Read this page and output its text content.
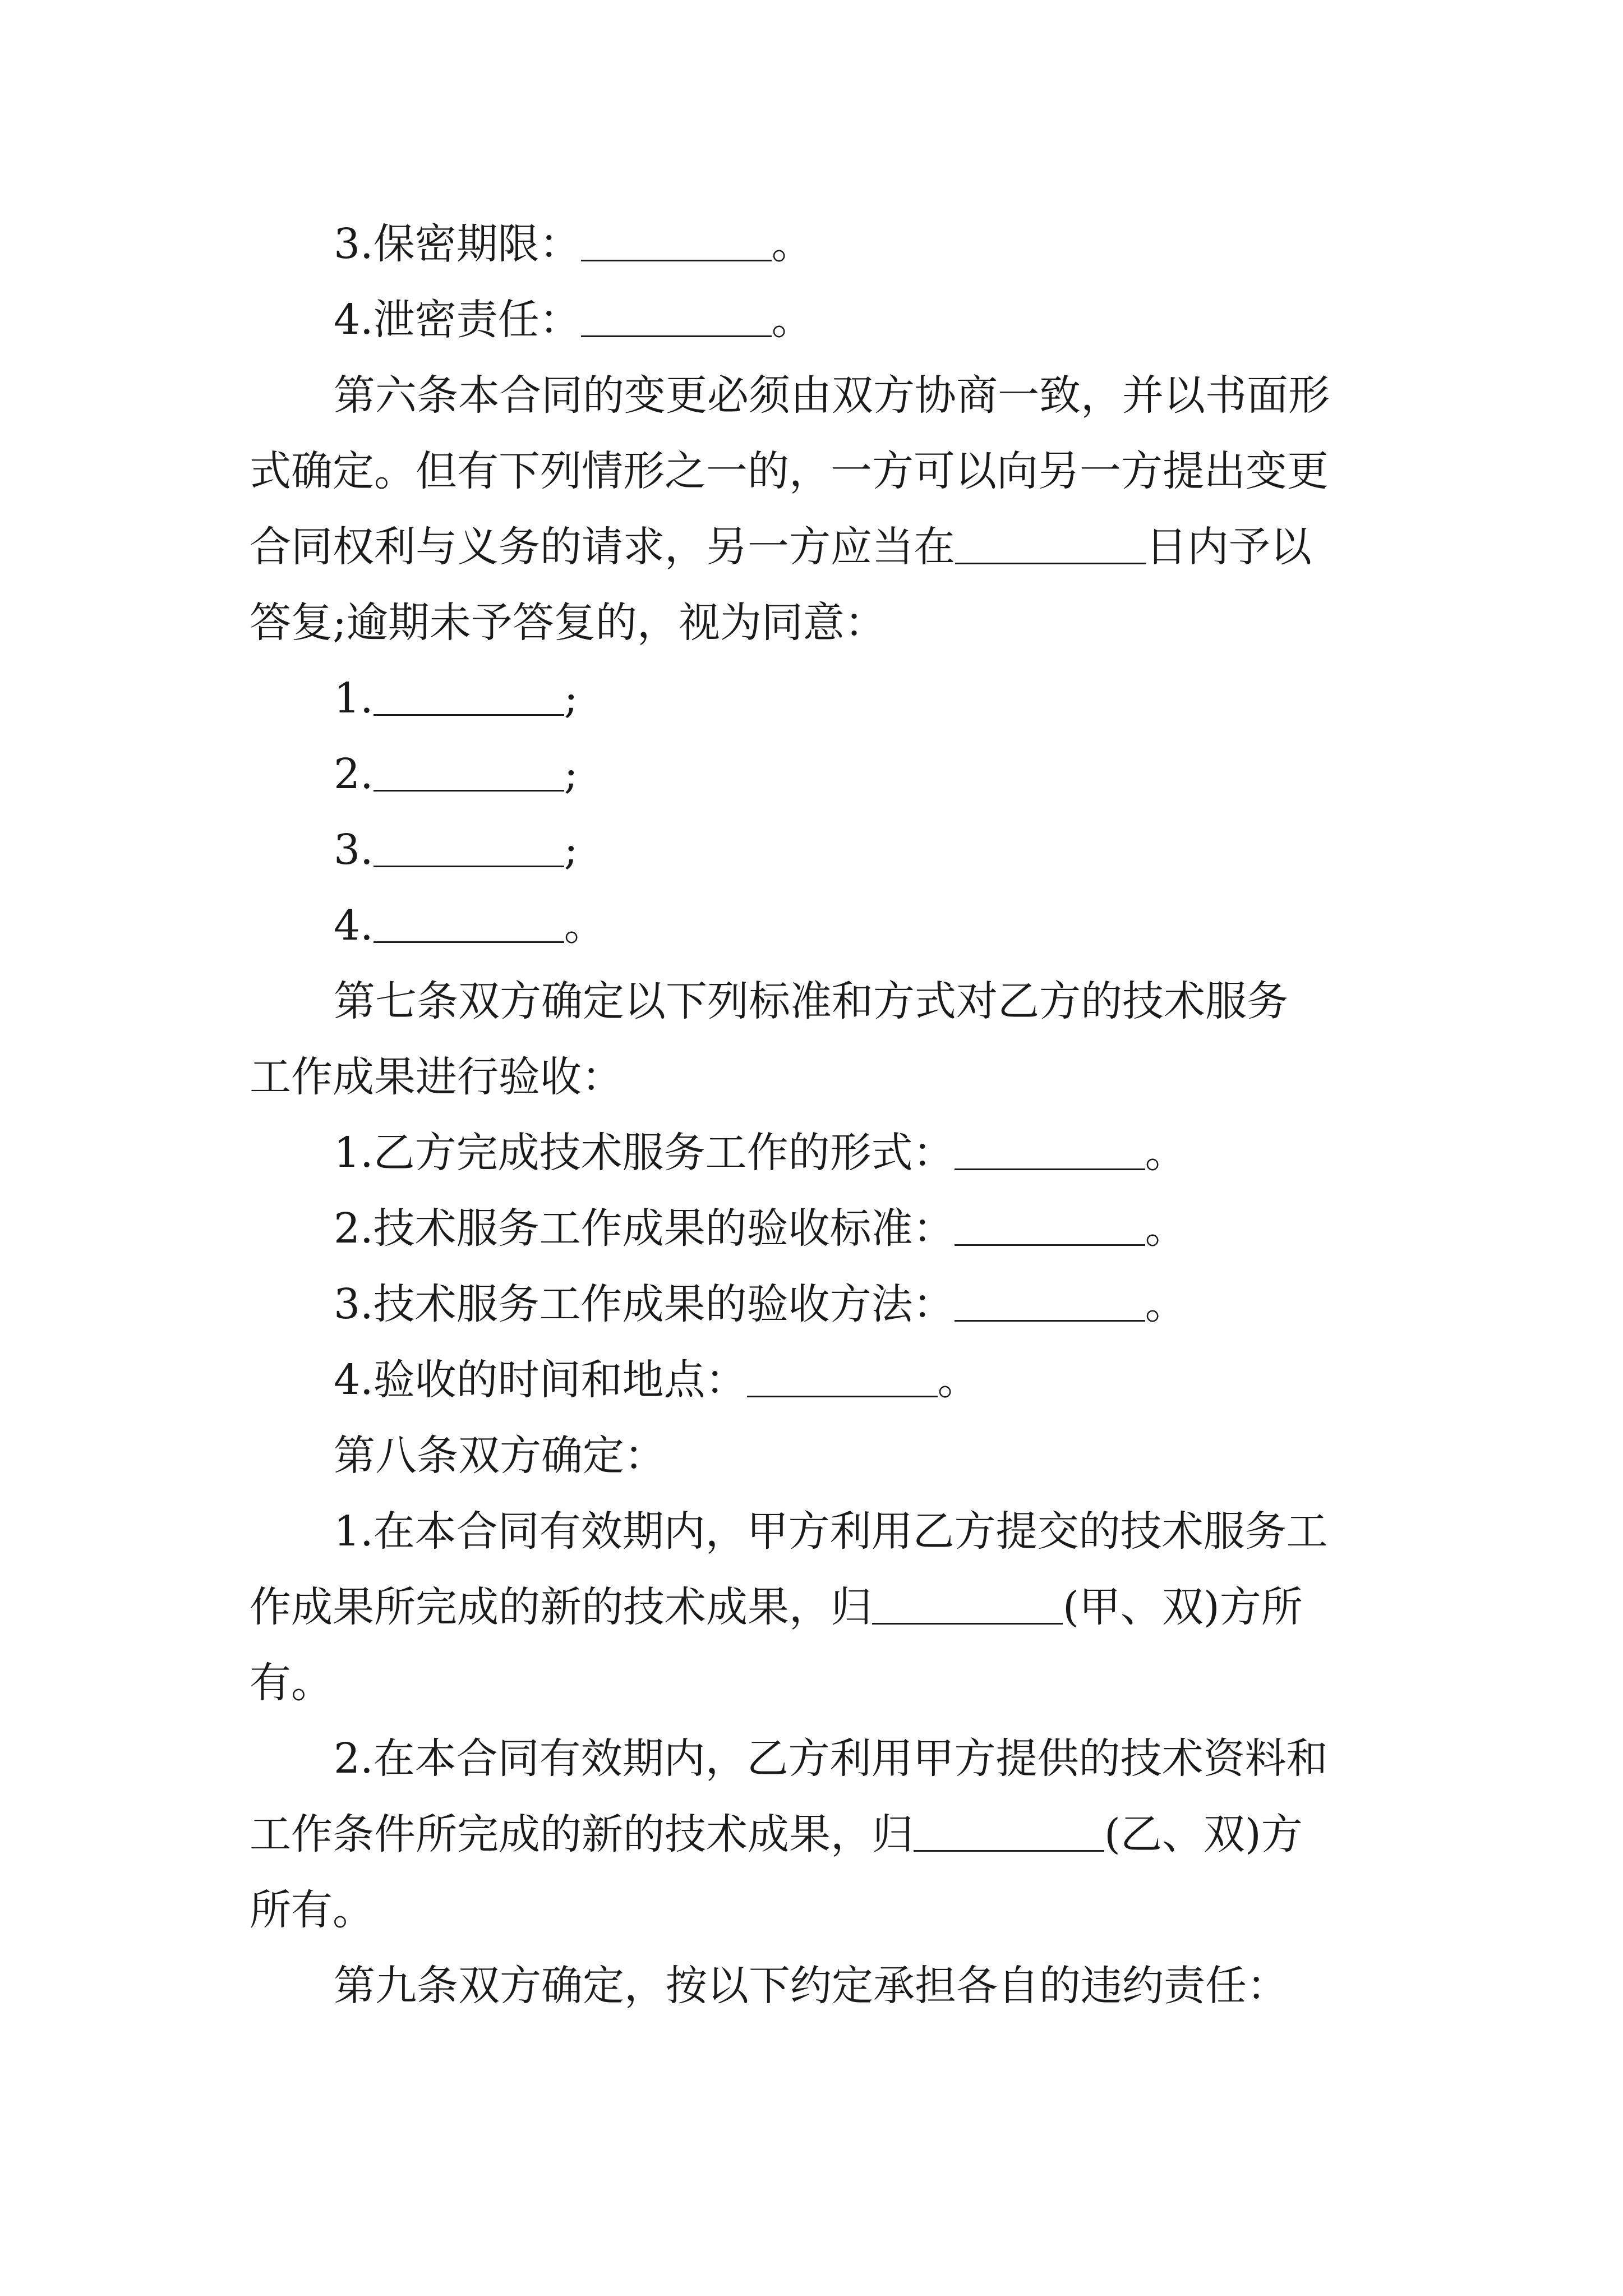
3.保密期限：	。
4.泄密责任：	。
第六条本合同的变更必须由双方协商一致，并以书面形
式确定。但有下列情形之一的，一方可以向另一方提出变更
合同权利与义务的请求，另一方应当在	日内予以
答复;逾期未予答复的，视为同意：
1.	;
2.	;
3.	;
4.	。
第七条双方确定以下列标准和方式对乙方的技术服务
工作成果进行验收：
1.乙方完成技术服务工作的形式：	。
2.技术服务工作成果的验收标准：	。
3.技术服务工作成果的验收方法：	。
4.验收的时间和地点：	。
第八条双方确定：
1.在本合同有效期内，甲方利用乙方提交的技术服务工
作成果所完成的新的技术成果，归	(甲、双)方所
有。
2.在本合同有效期内，乙方利用甲方提供的技术资料和
工作条件所完成的新的技术成果，归	(乙、双)方
所有。
第九条双方确定，按以下约定承担各自的违约责任：
